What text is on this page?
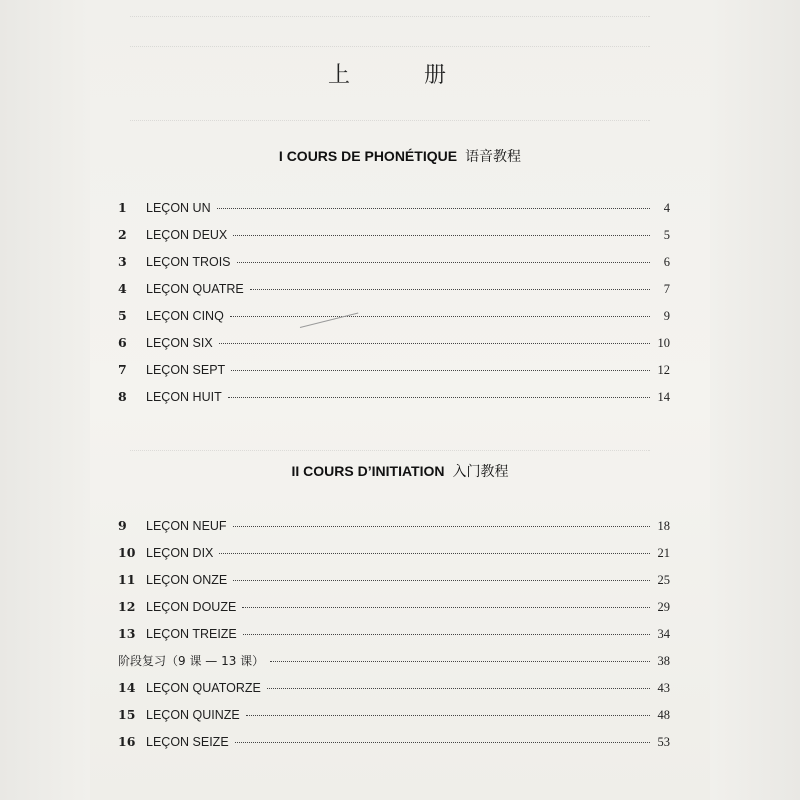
上　册
I COURS DE PHONÉTIQUE 语音教程
1	LEÇON UN	4
2	LEÇON DEUX	5
3	LEÇON TROIS	6
4	LEÇON QUATRE	7
5	LEÇON CINQ	9
6	LEÇON SIX	10
7	LEÇON SEPT	12
8	LEÇON HUIT	14
II COURS D’INITIATION 入门教程
9	LEÇON NEUF	18
10 LEÇON DIX	21
11 LEÇON ONZE	25
12 LEÇON DOUZE	29
13 LEÇON TREIZE	34
阶段复习（9 课 — 13 课）	38
14 LEÇON QUATORZE	43
15 LEÇON QUINZE	48
16 LEÇON SEIZE	53
